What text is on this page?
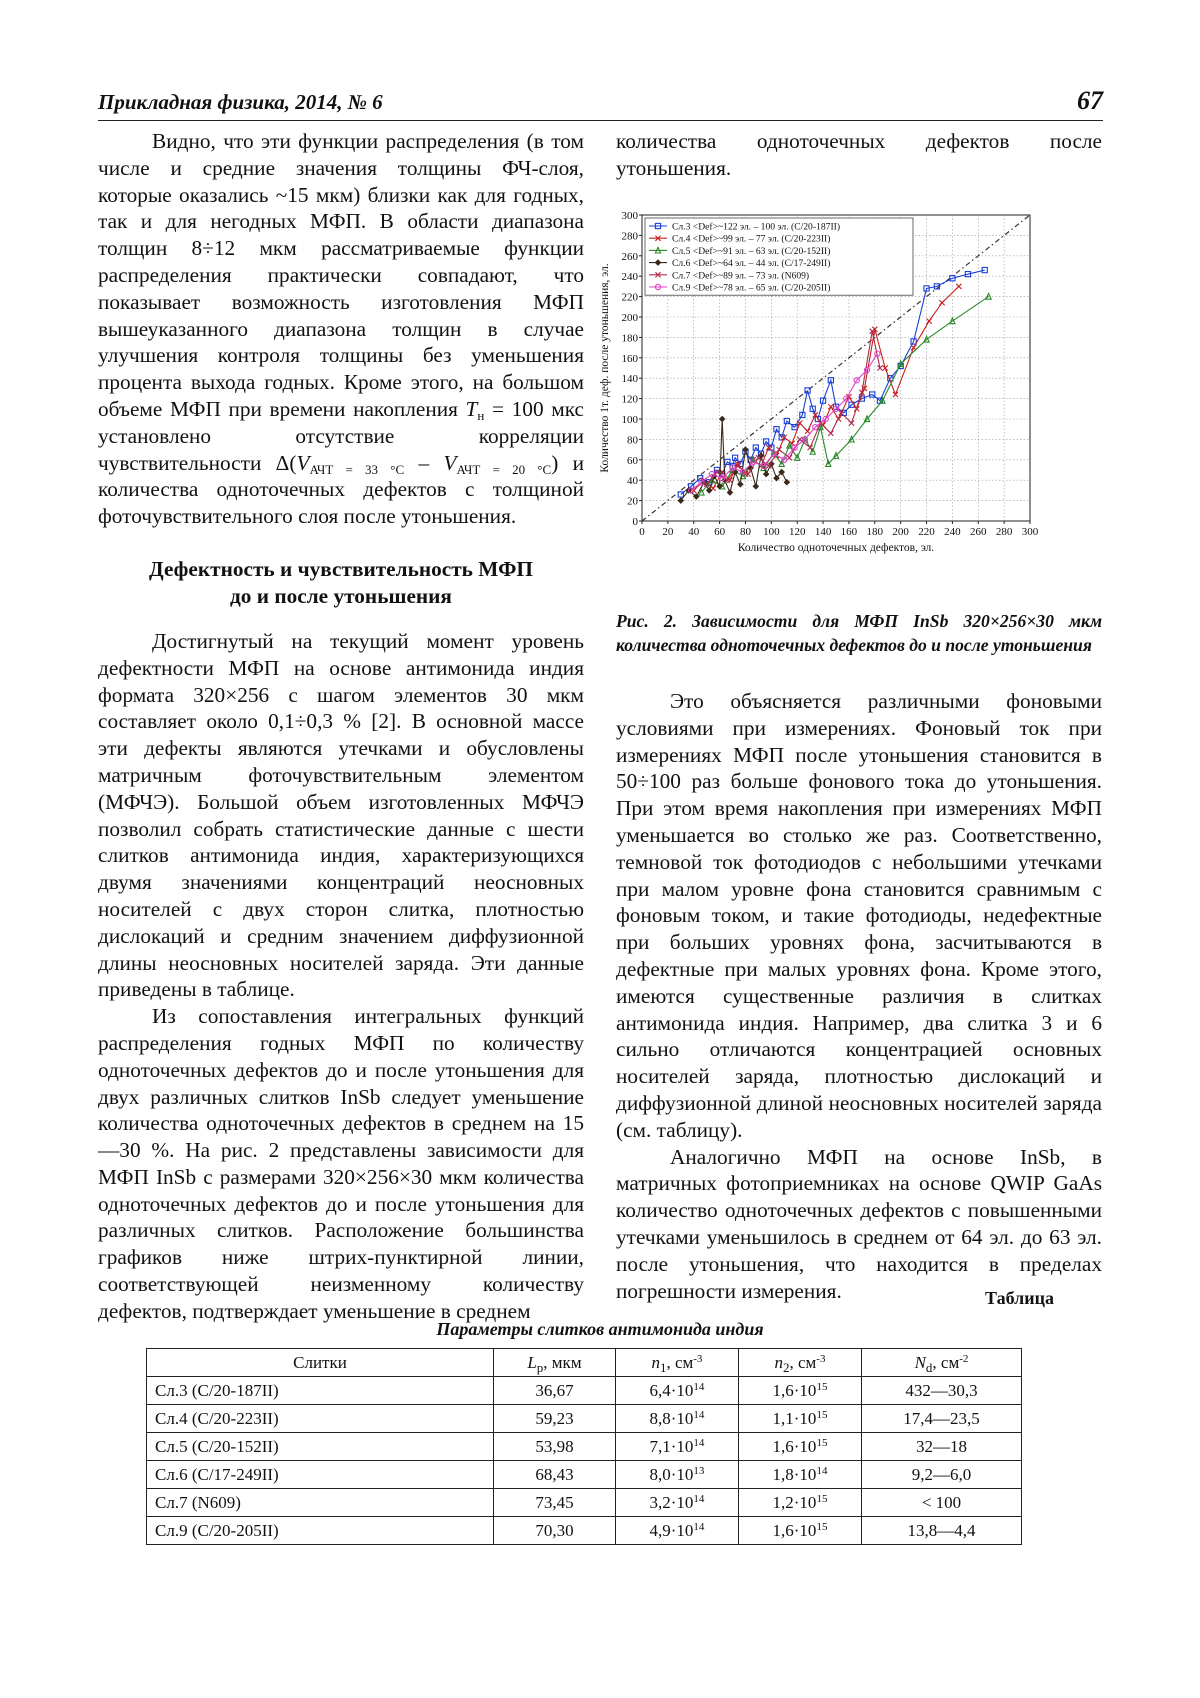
Прикладная физика, 2014, № 6	67

Видно, что эти функции распределения (в том числе и средние значения толщины ФЧ-слоя, которые оказались ~15 мкм) близки как для годных, так и для негодных МФП. В области диапазона толщин 8÷12 мкм рассматриваемые функции распределения практически совпадают, что показывает возможность изготовления МФП вышеуказанного диапазона толщин в случае улучшения контроля толщины без уменьшения процента выхода годных. Кроме этого, на большом объеме МФП при времени накопления $T_н = 100$ мкс установлено отсутствие корреляции чувствительности $\Delta(V_{АЧТ = 33 ^\circ С} - V_{АЧТ = 20 ^\circ С})$ и количества одноточечных дефектов с толщиной фоточувствительного слоя после утоньшения.

Дефектность и чувствительность МФП
до и после утоньшения

Достигнутый на текущий момент уровень дефектности МФП на основе антимонида индия формата 320×256 с шагом элементов 30 мкм составляет около 0,1÷0,3 % [2]. В основной массе эти дефекты являются утечками и обусловлены матричным фоточувствительным элементом (МФЧЭ). Большой объем изготовленных МФЧЭ позволил собрать статистические данные с шести слитков антимонида индия, характеризующихся двумя значениями концентраций неосновных носителей с двух сторон слитка, плотностью дислокаций и средним значением диффузионной длины неосновных носителей заряда. Эти данные приведены в таблице.

Из сопоставления интегральных функций распределения годных МФП по количеству одноточечных дефектов до и после утоньшения для двух различных слитков InSb следует уменьшение количества одноточечных дефектов в среднем на 15—30 %. На рис. 2 представлены зависимости для МФП InSb с размерами 320×256×30 мкм количества одноточечных дефектов до и после утоньшения для различных слитков. Расположение большинства графиков ниже штрих-пунктирной линии, соответствующей неизменному количеству дефектов, подтверждает уменьшение в среднем

количества одноточечных дефектов после утоньшения.

0 20 40 60 80 100 120 140 160 180 200 220 240 260 280 300
0
20
40
60
80
100
120
140
160
180
200
220
240
260
280
300
Количество одноточечных дефектов, эл.
Количество 1т. деф. после утоньшения, эл.
Сл.3 <Def>~122 эл. – 100 эл. (С/20-187II)
Сл.4 <Def>~99 эл. – 77 эл. (С/20-223II)
Сл.5 <Def>~91 эл. – 63 эл. (С/20-152II)
Сл.6 <Def>~64 эл. – 44 эл. (С/17-249II)
Сл.7 <Def>~89 эл. – 73 эл. (N609)
Сл.9 <Def>~78 эл. – 65 эл. (С/20-205II)
Рис. 2. Зависимости для МФП InSb 320×256×30 мкм количества одноточечных дефектов до и после утоньшения

Это объясняется различными фоновыми условиями при измерениях. Фоновый ток при измерениях МФП после утоньшения становится в 50÷100 раз больше фонового тока до утоньшения. При этом время накопления при измерениях МФП уменьшается во столько же раз. Соответственно, темновой ток фотодиодов с небольшими утечками при малом уровне фона становится сравнимым с фоновым током, и такие фотодиоды, недефектные при больших уровнях фона, засчитываются в дефектные при малых уровнях фона. Кроме этого, имеются существенные различия в слитках антимонида индия. Например, два слитка 3 и 6 сильно отличаются концентрацией основных носителей заряда, плотностью дислокаций и диффузионной длиной неосновных носителей заряда (см. таблицу).

Аналогично МФП на основе InSb, в матричных фотоприемниках на основе QWIP GaAs количество одноточечных дефектов с повышенными утечками уменьшилось в среднем от 64 эл. до 63 эл. после утоньшения, что находится в пределах погрешности измерения.	Таблица
Параметры слитков антимонида индия
Слитки	$L_p$, мкм	$n_1$, $см^{-3}$	$n_2$, $см^{-3}$	$N_d$, $см^{-2}$
Сл.3 (С/20-187II)	36,67	$6,4\cdot 10^{14}$	$1,6\cdot 10^{15}$	432—30,3
Сл.4 (С/20-223II)	59,23	$8,8\cdot 10^{14}$	$1,1\cdot 10^{15}$	17,4—23,5
Сл.5 (С/20-152II)	53,98	$7,1\cdot 10^{14}$	$1,6\cdot 10^{15}$	32—18
Сл.6 (С/17-249II)	68,43	$8,0\cdot 10^{13}$	$1,8\cdot 10^{14}$	9,2—6,0
Сл.7 (N609)	73,45	$3,2\cdot 10^{14}$	$1,2\cdot 10^{15}$	< 100
Сл.9 (С/20-205II)	70,30	$4,9\cdot 10^{14}$	$1,6\cdot 10^{15}$	13,8—4,4
